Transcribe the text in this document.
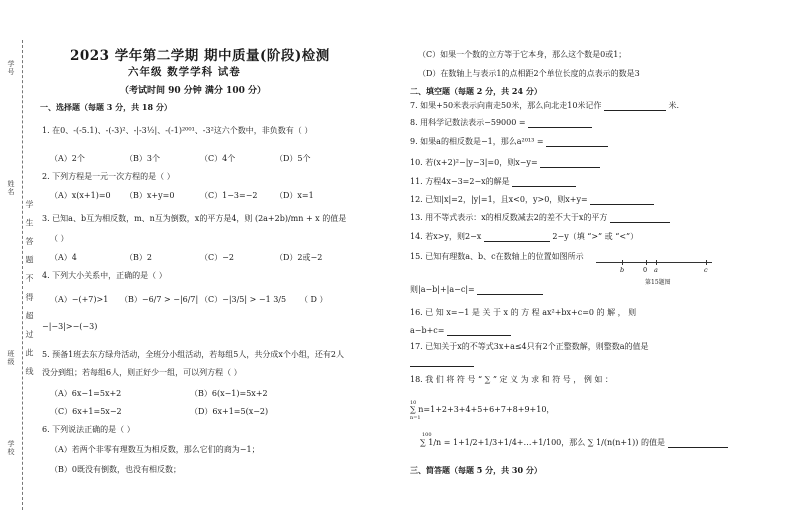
学号
姓名
班级
学校
学 生 答 题 不 得 超 过 此 线
2023 学年第二学期 期中质量(阶段)检测
六年级 数学学科 试卷
（考试时间 90 分钟 满分 100 分）
一、选择题（每题 3 分，共 18 分）
1. 在0、-(-5.1)、-(-3)²、-|-3½|、-(-1)²⁰⁰¹、-3²这六个数中，非负数有（ ）
（A）2个	（B）3个	（C）4个	（D）5个
2. 下列方程是一元一次方程的是（ ）
（A）x(x+1)=0 （B）x+y=0	（C）1−3=−2 （D）x=1
3. 已知a、b互为相反数，m、n互为倒数，x的平方是4，则 (2a+2b)/mn + x 的值是
（ ）
（A）4	（B）2	（C）−2	（D）2或−2
4. 下列大小关系中，正确的是（ ）
（A）−(+7)>1 （B）−6/7 > −|6/7| （C）−|3/5| > −1 3/5 （ D ）
−|−3|>−(−3)
5. 预备1班去东方绿舟活动，全班分小组活动，若每组5人，共分成x个小组，还有2人
没分到组；若每组6人，则正好少一组，可以列方程（ ）
（A）6x−1=5x+2	（B）6(x−1)=5x+2
（C）6x+1=5x−2	（D）6x+1=5(x−2)
6. 下列说法正确的是（ ）
（A）若两个非零有理数互为相反数，那么它们的商为−1；
（B）0既没有倒数，也没有相反数；
（C）如果一个数的立方等于它本身，那么这个数是0或1；
（D）在数轴上与表示1的点相距2个单位长度的点表示的数是3
二、填空题（每题 2 分，共 24 分）
7. 如果+50米表示向南走50米，那么向北走10米记作	米.
8. 用科学记数法表示−59000 =
9. 如果a的相反数是−1，那么a²⁰¹³ =
10. 若(x+2)²−|y−3|=0，则x−y=
11. 方程4x−3=2−x的解是
12. 已知|x|=2，|y|=1，且x<0，y>0，则x+y=
13. 用不等式表示：x的相反数减去2的差不大于x的平方
14. 若x>y，则2−x	2−y（填 “>” 或 “<”）
15. 已知有理数a、b、c在数轴上的位置如图所示
则|a−b|+|a−c|=
b	0 a	c
第15题图
16. 已 知 x=−1 是 关 于 x 的 方 程 ax²+bx+c=0 的 解 ， 则
a−b+c=
17. 已知关于x的不等式3x+a≤4只有2个正整数解，则整数a的值是
18. 我 们 将 符 号 “ ∑ ” 定 义 为 求 和 符 号 ， 例 如 ：
∑ n=1+2+3+4+5+6+7+8+9+10，
10
n=1
∑ 1/n = 1+1/2+1/3+1/4+…+1/100，那么 ∑ 1/(n(n+1)) 的值是
100
三、简答题（每题 5 分，共 30 分）
